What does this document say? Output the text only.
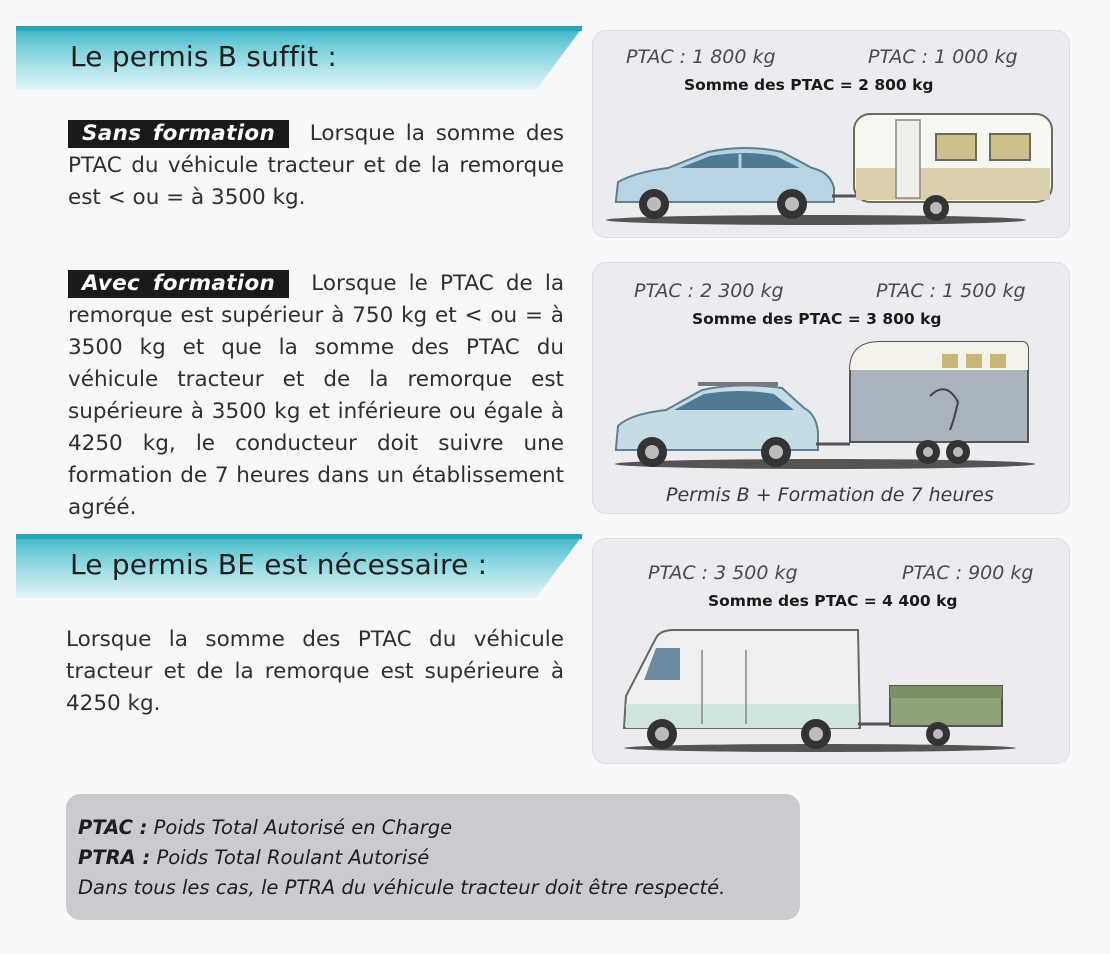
Le permis B suffit :
Sans formation Lorsque la somme des PTAC du véhicule tracteur et de la remorque est < ou = à 3500 kg.
Avec formation Lorsque le PTAC de la remorque est supérieur à 750 kg et < ou = à 3500 kg et que la somme des PTAC du véhicule tracteur et de la remorque est supérieure à 3500 kg et inférieure ou égale à 4250 kg, le conducteur doit suivre une formation de 7 heures dans un établissement agréé.
Le permis BE est nécessaire :
Lorsque la somme des PTAC du véhicule tracteur et de la remorque est supérieure à 4250 kg.
PTAC : 1 800 kg	PTAC : 1 000 kg
Somme des PTAC = 2 800 kg
PTAC : 2 300 kg	PTAC : 1 500 kg
Somme des PTAC = 3 800 kg
Permis B + Formation de 7 heures
PTAC : 3 500 kg	PTAC : 900 kg
Somme des PTAC = 4 400 kg
PTAC : Poids Total Autorisé en Charge
PTRA : Poids Total Roulant Autorisé
Dans tous les cas, le PTRA du véhicule tracteur doit être respecté.
